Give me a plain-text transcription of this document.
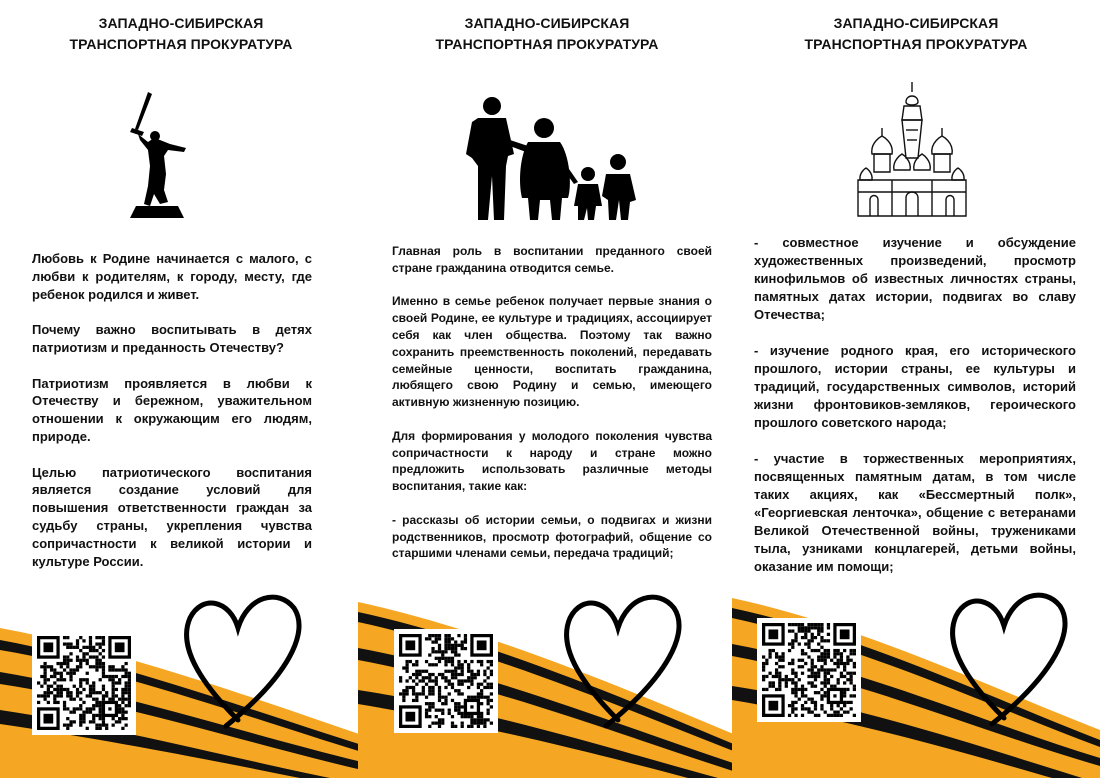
ЗАПАДНО-СИБИРСКАЯ
ТРАНСПОРТНАЯ ПРОКУРАТУРА

Любовь к Родине начинается с малого, с любви к родителям, к городу, месту, где ребенок родился и живет.

Почему важно воспитывать в детях патриотизм и преданность Отечеству?

Патриотизм проявляется в любви к Отечеству и бережном, уважительном отношении к окружающим его людям, природе.

Целью патриотического воспитания является создание условий для повышения ответственности граждан за судьбу страны, укрепления чувства сопричастности к великой истории и культуре России.

ЗАПАДНО-СИБИРСКАЯ
ТРАНСПОРТНАЯ ПРОКУРАТУРА

Главная роль в воспитании преданного своей стране гражданина отводится семье.

Именно в семье ребенок получает первые знания о своей Родине, ее культуре и традициях, ассоциирует себя как член общества. Поэтому так важно сохранить преемственность поколений, передавать семейные ценности, воспитать гражданина, любящего свою Родину и семью, имеющего активную жизненную позицию.

Для формирования у молодого поколения чувства сопричастности к народу и стране можно предложить использовать различные методы воспитания, такие как:

- рассказы об истории семьи, о подвигах и жизни родственников, просмотр фотографий, общение со старшими членами семьи, передача традиций;

ЗАПАДНО-СИБИРСКАЯ
ТРАНСПОРТНАЯ ПРОКУРАТУРА

- совместное изучение и обсуждение художественных произведений, просмотр кинофильмов об известных личностях страны, памятных датах истории, подвигах во славу Отечества;

- изучение родного края, его исторического прошлого, истории страны, ее культуры и традиций, государственных символов, историй жизни фронтовиков-земляков, героического прошлого советского народа;

- участие в торжественных мероприятиях, посвященных памятным датам, в том числе таких акциях, как «Бессмертный полк», «Георгиевская ленточка», общение с ветеранами Великой Отечественной войны, тружениками тыла, узниками концлагерей, детьми войны, оказание им помощи;
